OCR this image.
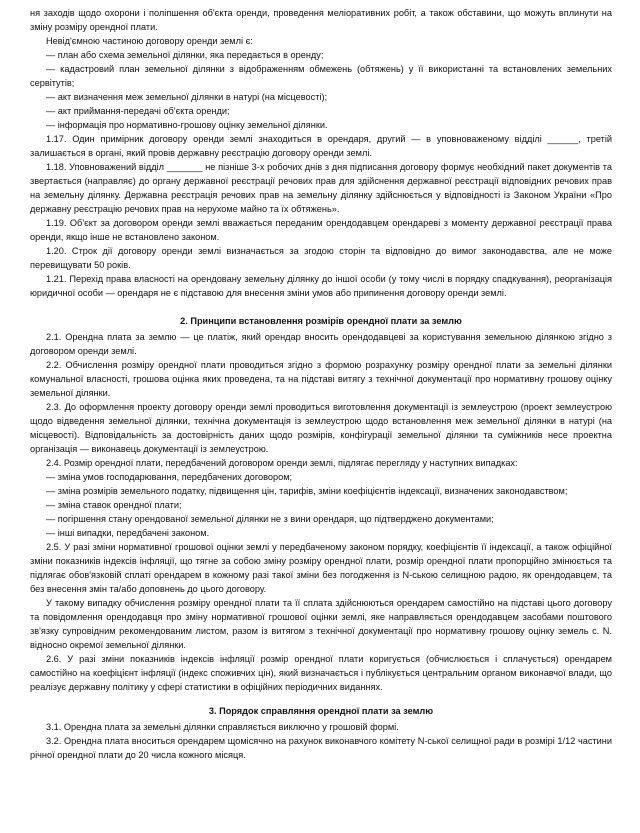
ня заходів щодо охорони і поліпшення об'єкта оренди, проведення меліоративних робіт, а також обставини, що можуть вплинути на зміну розміру орендної плати.

Невід'ємною частиною договору оренди землі є:

— план або схема земельної ділянки, яка передається в оренду;

— кадастровий план земельної ділянки з відображенням обмежень (обтяжень) у її використанні та встановлених земельних сервітутів;

— акт визначення меж земельної ділянки в натурі (на місцевості);

— акт приймання-передачі об'єкта оренди;

— інформація про нормативно-грошову оцінку земельної ділянки.

1.17. Один примірник договору оренди землі знаходиться в орендаря, другий — в уповноваженому відділі ______, третій залишається в органі, який провів державну реєстрацію договору оренди землі.

1.18. Уповноважений відділ _______ не пізніше 3-х робочих днів з дня підписання договору формує необхідний пакет документів та звертається (направляє) до органу державної реєстрації речових прав для здійснення державної реєстрації відповідних речових прав на земельну ділянку. Державна реєстрація речових прав на земельну ділянку здійснюється у відповідності із Законом України «Про державну реєстрацію речових прав на нерухоме майно та їх обтяжень».

1.19. Об'єкт за договором оренди землі вважається переданим орендодавцем орендареві з моменту державної реєстрації права оренди, якщо інше не встановлено законом.

1.20. Строк дії договору оренди землі визначається за згодою сторін та відповідно до вимог законодавства, але не може перевищувати 50 років.

1.21. Перехід права власності на орендовану земельну ділянку до іншої особи (у тому числі в порядку спадкування), реорганізація юридичної особи — орендаря не є підставою для внесення зміни умов або припинення договору оренди землі.

2. Принципи встановлення розмірів орендної плати за землю

2.1. Орендна плата за землю — це платіж, який орендар вносить орендодавцеві за користування земельною ділянкою згідно з договором оренди землі.

2.2. Обчислення розміру орендної плати проводиться згідно з формою розрахунку розміру орендної плати за земельні ділянки комунальної власності, грошова оцінка яких проведена, та на підставі витягу з технічної документації про нормативну грошову оцінку земельної ділянки.

2.3. До оформлення проекту договору оренди землі проводиться виготовлення документації із землеустрою (проект землеустрою щодо відведення земельної ділянки, технічна документація із землеустрою щодо встановлення меж земельної ділянки в натурі (на місцевості). Відповідальність за достовірність даних щодо розмірів, конфігурації земельної ділянки та суміжників несе проектна організація — виконавець документації із землеустрою.

2.4. Розмір орендної плати, передбачений договором оренди землі, підлягає перегляду у наступних випадках:

— зміна умов господарювання, передбачених договором;

— зміна розмірів земельного податку, підвищення цін, тарифів, зміни коефіцієнтів індексації, визначених законодавством;

— зміна ставок орендної плати;

— погіршення стану орендованої земельної ділянки не з вини орендаря, що підтверджено документами;

— інші випадки, передбачені законом.

2.5. У разі зміни нормативної грошової оцінки землі у передбаченому законом порядку, коефіцієнтів її індексації, а також офіційної зміни показників індексів інфляції, що тягне за собою зміну розміру орендної плати, розмір орендної плати пропорційно змінюється та підлягає обов'язковій сплаті орендарем в кожному разі такої зміни без погодження із N-ською селищною радою, як орендодавцем, та без внесення змін та/або доповнень до цього договору.

У такому випадку обчислення розміру орендної плати та її сплата здійснюються орендарем самостійно на підставі цього договору та повідомлення орендодавця про зміну нормативної грошової оцінки землі, яке направляється орендодавцем засобами поштового зв'язку супровідним рекомендованим листом, разом із витягом з технічної документації про нормативну грошову оцінку земель с. N. відносно окремої земельної ділянки.

2.6. У разі зміни показників індексів інфляції розмір орендної плати коригується (обчислюється і сплачується) орендарем самостійно на коефіцієнт інфляції (індекс споживчих цін), який визначається і публікується центральним органом виконавчої влади, що реалізує державну політику у сфері статистики в офіційних періодичних виданнях.

3. Порядок справляння орендної плати за землю

3.1. Орендна плата за земельні ділянки справляється виключно у грошовій формі.

3.2. Орендна плата вноситься орендарем щомісячно на рахунок виконавчого комітету N-ської селищної ради в розмірі 1/12 частини річної орендної плати до 20 числа кожного місяця.
